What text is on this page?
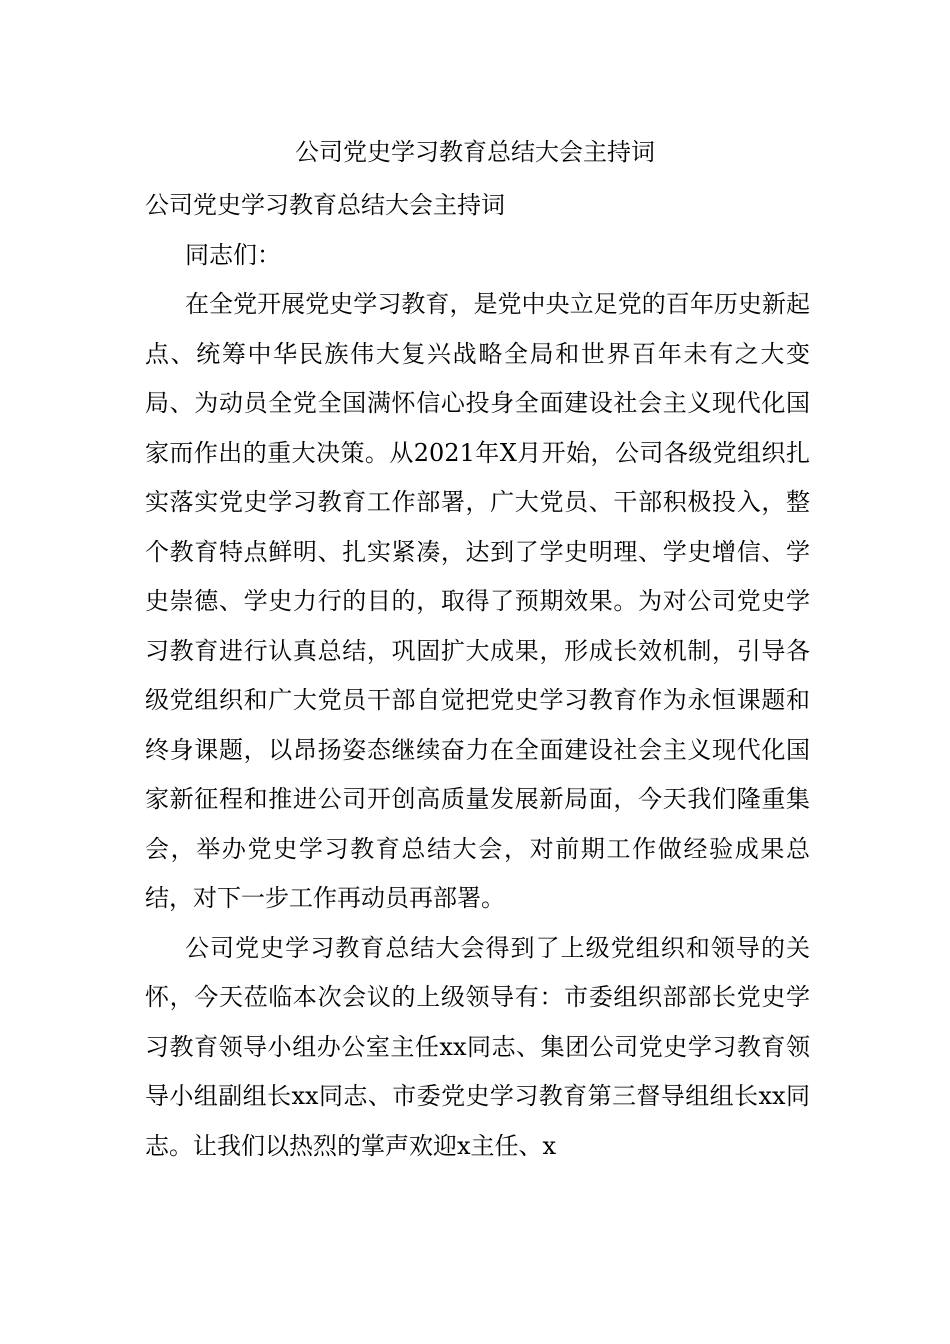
公司党史学习教育总结大会主持词

公司党史学习教育总结大会主持词

同志们：

在全党开展党史学习教育，是党中央立足党的百年历史新起点、统筹中华民族伟大复兴战略全局和世界百年未有之大变局、为动员全党全国满怀信心投身全面建设社会主义现代化国家而作出的重大决策。从2021年X月开始，公司各级党组织扎实落实党史学习教育工作部署，广大党员、干部积极投入，整个教育特点鲜明、扎实紧凑，达到了学史明理、学史增信、学史崇德、学史力行的目的，取得了预期效果。为对公司党史学习教育进行认真总结，巩固扩大成果，形成长效机制，引导各级党组织和广大党员干部自觉把党史学习教育作为永恒课题和终身课题，以昂扬姿态继续奋力在全面建设社会主义现代化国家新征程和推进公司开创高质量发展新局面，今天我们隆重集会，举办党史学习教育总结大会，对前期工作做经验成果总结，对下一步工作再动员再部署。

公司党史学习教育总结大会得到了上级党组织和领导的关怀，今天莅临本次会议的上级领导有：市委组织部部长党史学习教育领导小组办公室主任xx同志、集团公司党史学习教育领导小组副组长xx同志、市委党史学习教育第三督导组组长xx同志。让我们以热烈的掌声欢迎x主任、x
